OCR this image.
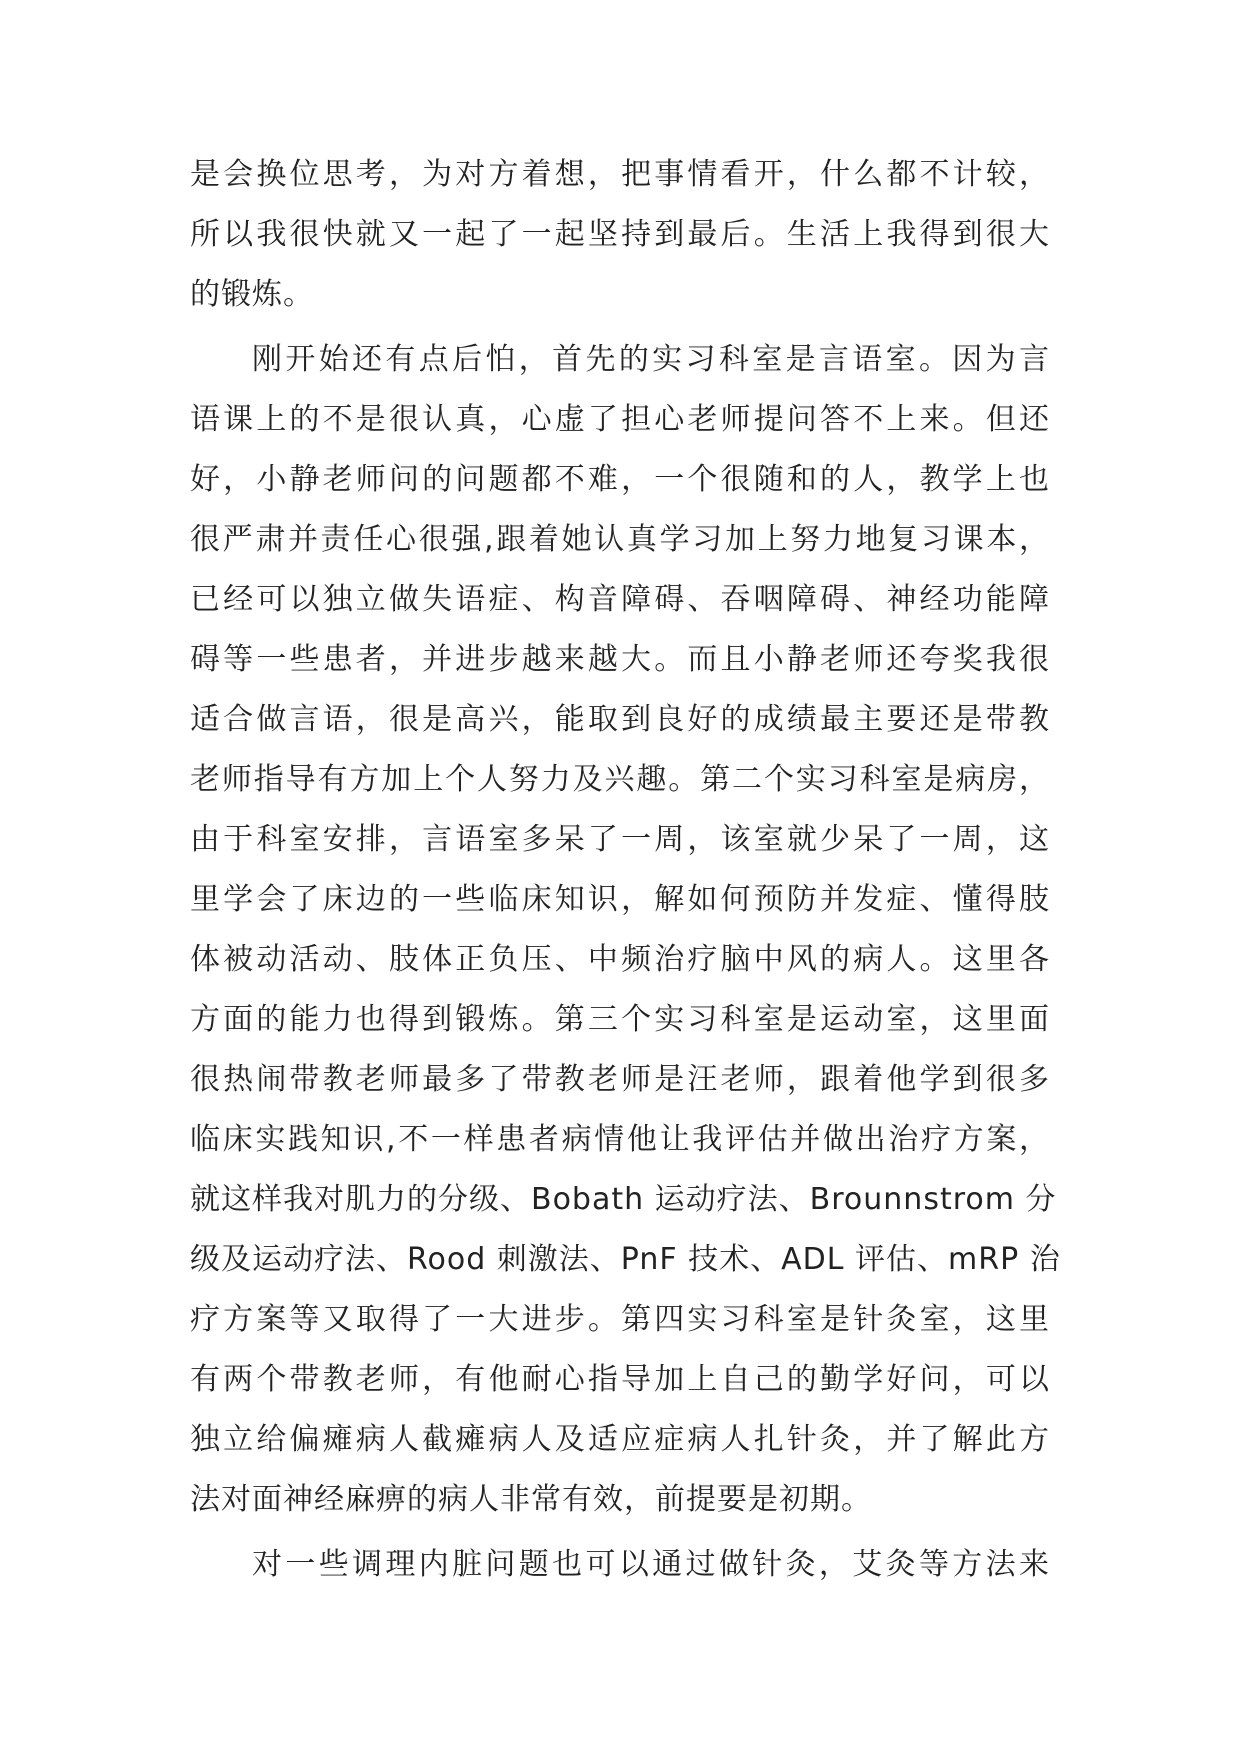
是会换位思考，为对方着想，把事情看开，什么都不计较，
所以我很快就又一起了一起坚持到最后。生活上我得到很大
的锻炼。
刚开始还有点后怕，首先的实习科室是言语室。因为言
语课上的不是很认真，心虚了担心老师提问答不上来。但还
好，小静老师问的问题都不难，一个很随和的人，教学上也
很严肃并责任心很强,跟着她认真学习加上努力地复习课本，
已经可以独立做失语症、构音障碍、吞咽障碍、神经功能障
碍等一些患者，并进步越来越大。而且小静老师还夸奖我很
适合做言语，很是高兴，能取到良好的成绩最主要还是带教
老师指导有方加上个人努力及兴趣。第二个实习科室是病房，
由于科室安排，言语室多呆了一周，该室就少呆了一周，这
里学会了床边的一些临床知识，解如何预防并发症、懂得肢
体被动活动、肢体正负压、中频治疗脑中风的病人。这里各
方面的能力也得到锻炼。第三个实习科室是运动室，这里面
很热闹带教老师最多了带教老师是汪老师，跟着他学到很多
临床实践知识,不一样患者病情他让我评估并做出治疗方案，
就这样我对肌力的分级、Bobath 运动疗法、Brounnstrom 分
级及运动疗法、Rood 刺激法、PnF 技术、ADL 评估、mRP 治
疗方案等又取得了一大进步。第四实习科室是针灸室，这里
有两个带教老师，有他耐心指导加上自己的勤学好问，可以
独立给偏瘫病人截瘫病人及适应症病人扎针灸，并了解此方
法对面神经麻痹的病人非常有效，前提要是初期。
对一些调理内脏问题也可以通过做针灸，艾灸等方法来
